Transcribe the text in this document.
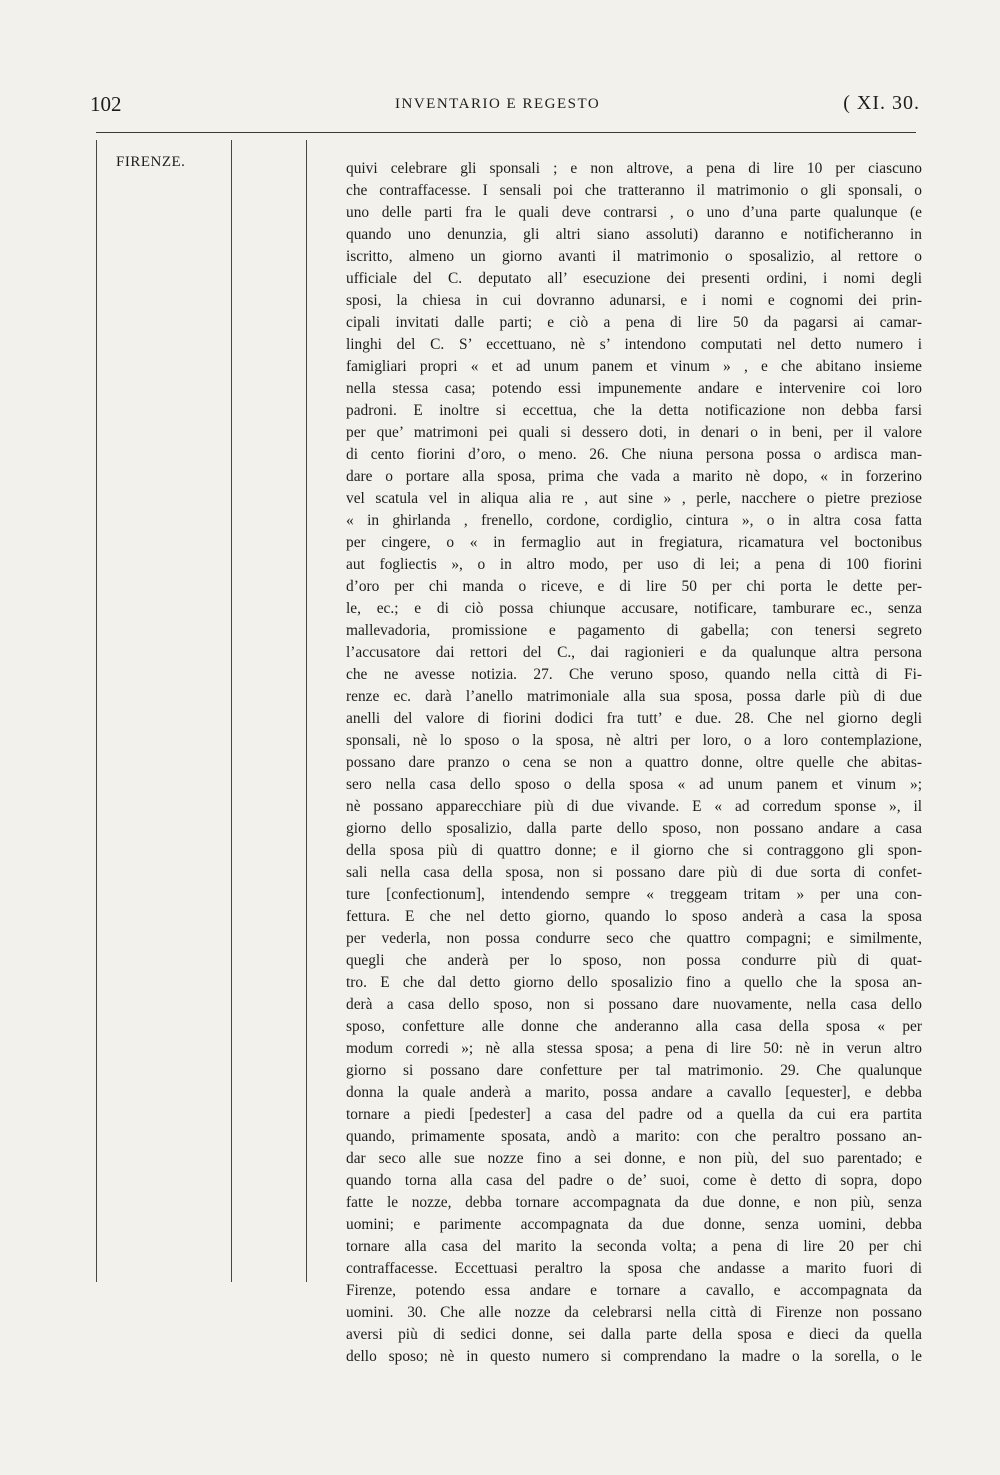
102	INVENTARIO E REGESTO	( XI. 30.
FIRENZE.	quivi celebrare gli sponsali ; e non altrove, a pena di lire 10 per ciascuno
che contraffacesse. I sensali poi che tratteranno il matrimonio o gli sponsali, o
uno delle parti fra le quali deve contrarsi , o uno d’una parte qualunque (e
quando uno denunzia, gli altri siano assoluti) daranno e notificheranno in
iscritto, almeno un giorno avanti il matrimonio o sposalizio, al rettore o
ufficiale del C. deputato all’ esecuzione dei presenti ordini, i nomi degli
sposi, la chiesa in cui dovranno adunarsi, e i nomi e cognomi dei prin-
cipali invitati dalle parti; e ciò a pena di lire 50 da pagarsi ai camar-
linghi del C. S’ eccettuano, nè s’ intendono computati nel detto numero i
famigliari propri « et ad unum panem et vinum » , e che abitano insieme
nella stessa casa; potendo essi impunemente andare e intervenire coi loro
padroni. E inoltre si eccettua, che la detta notificazione non debba farsi
per que’ matrimoni pei quali si dessero doti, in denari o in beni, per il valore
di cento fiorini d’oro, o meno. 26. Che niuna persona possa o ardisca man-
dare o portare alla sposa, prima che vada a marito nè dopo, « in forzerino
vel scatula vel in aliqua alia re , aut sine » , perle, nacchere o pietre preziose
« in ghirlanda , frenello, cordone, cordiglio, cintura », o in altra cosa fatta
per cingere, o « in fermaglio aut in fregiatura, ricamatura vel boctonibus
aut fogliectis », o in altro modo, per uso di lei; a pena di 100 fiorini
d’oro per chi manda o riceve, e di lire 50 per chi porta le dette per-
le, ec.; e di ciò possa chiunque accusare, notificare, tamburare ec., senza
mallevadoria, promissione e pagamento di gabella; con tenersi segreto
l’accusatore dai rettori del C., dai ragionieri e da qualunque altra persona
che ne avesse notizia. 27. Che veruno sposo, quando nella città di Fi-
renze ec. darà l’anello matrimoniale alla sua sposa, possa darle più di due
anelli del valore di fiorini dodici fra tutt’ e due. 28. Che nel giorno degli
sponsali, nè lo sposo o la sposa, nè altri per loro, o a loro contemplazione,
possano dare pranzo o cena se non a quattro donne, oltre quelle che abitas-
sero nella casa dello sposo o della sposa « ad unum panem et vinum »;
nè possano apparecchiare più di due vivande. E « ad corredum sponse », il
giorno dello sposalizio, dalla parte dello sposo, non possano andare a casa
della sposa più di quattro donne; e il giorno che si contraggono gli spon-
sali nella casa della sposa, non si possano dare più di due sorta di confet-
ture [confectionum], intendendo sempre « treggeam tritam » per una con-
fettura. E che nel detto giorno, quando lo sposo anderà a casa la sposa
per vederla, non possa condurre seco che quattro compagni; e similmente,
quegli che anderà per lo sposo, non possa condurre più di quat-
tro. E che dal detto giorno dello sposalizio fino a quello che la sposa an-
derà a casa dello sposo, non si possano dare nuovamente, nella casa dello
sposo, confetture alle donne che anderanno alla casa della sposa « per
modum corredi »; nè alla stessa sposa; a pena di lire 50: nè in verun altro
giorno si possano dare confetture per tal matrimonio. 29. Che qualunque
donna la quale anderà a marito, possa andare a cavallo [equester], e debba
tornare a piedi [pedester] a casa del padre od a quella da cui era partita
quando, primamente sposata, andò a marito: con che peraltro possano an-
dar seco alle sue nozze fino a sei donne, e non più, del suo parentado; e
quando torna alla casa del padre o de’ suoi, come è detto di sopra, dopo
fatte le nozze, debba tornare accompagnata da due donne, e non più, senza
uomini; e parimente accompagnata da due donne, senza uomini, debba
tornare alla casa del marito la seconda volta; a pena di lire 20 per chi
contraffacesse. Eccettuasi peraltro la sposa che andasse a marito fuori di
Firenze, potendo essa andare e tornare a cavallo, e accompagnata da
uomini. 30. Che alle nozze da celebrarsi nella città di Firenze non possano
aversi più di sedici donne, sei dalla parte della sposa e dieci da quella
dello sposo; nè in questo numero si comprendano la madre o la sorella, o le
